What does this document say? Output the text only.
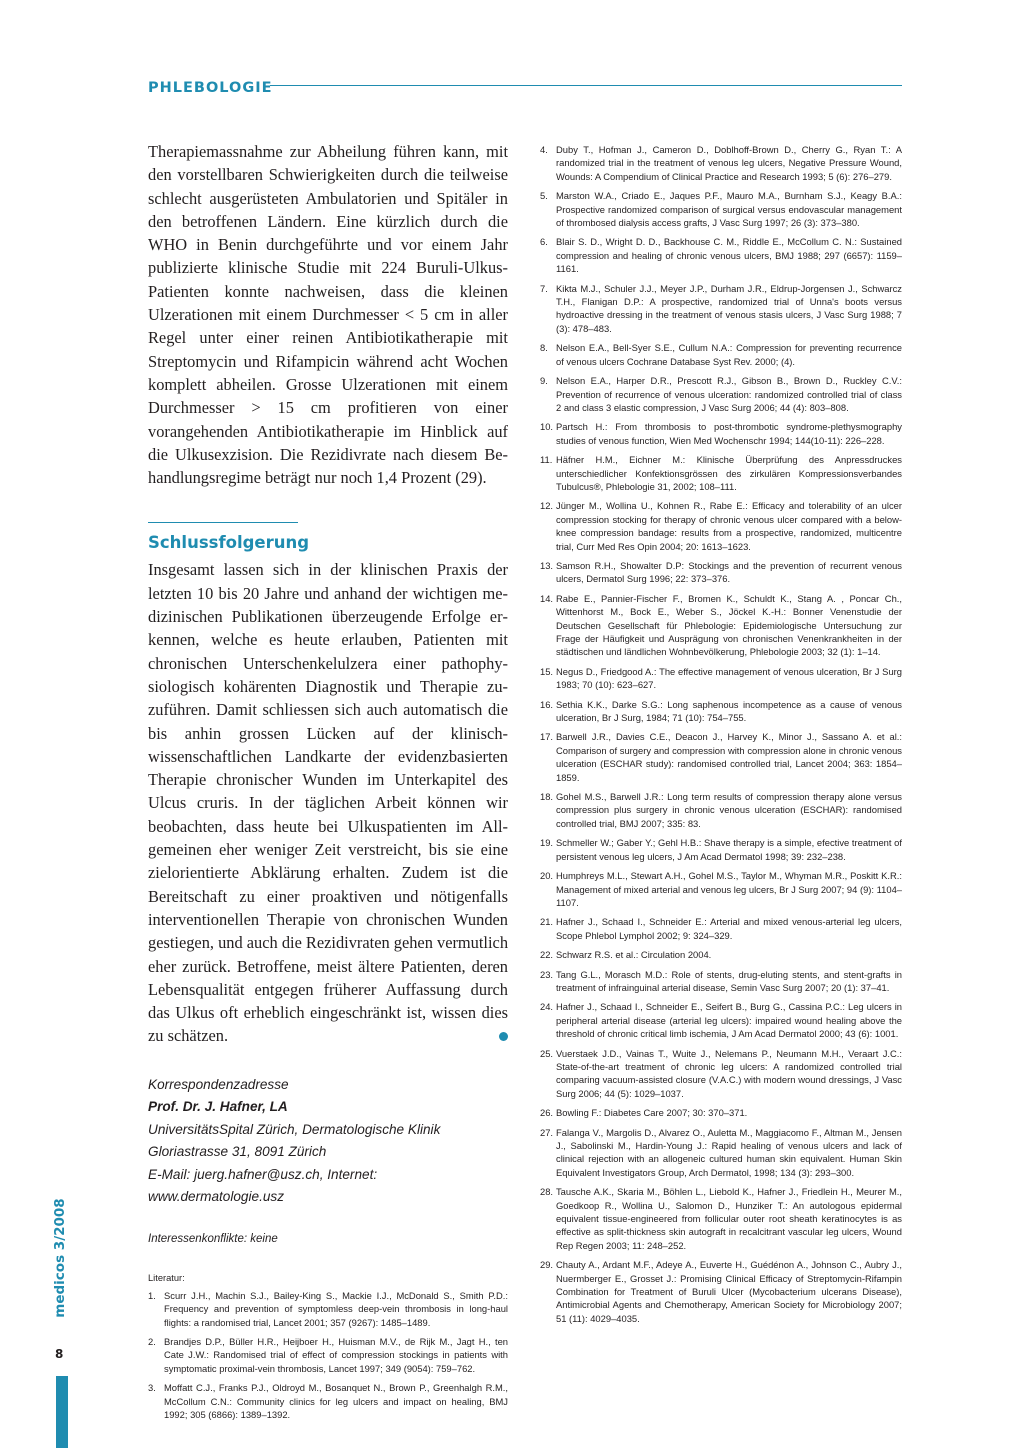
PHLEBOLOGIE

Therapiemassnahme zur Abheilung führen kann, mit den vorstellbaren Schwierigkeiten durch die teilweise schlecht ausgerüsteten Ambulatorien und Spitäler in den betroffenen Ländern. Eine kürzlich durch die WHO in Benin durchgeführte und vor einem Jahr publizierte klinische Studie mit 224 Buruli-Ulkus-Patienten konnte nachweisen, dass die kleinen Ulzerationen mit einem Durchmesser < 5 cm in aller Regel unter einer reinen Antibiotikatherapie mit Streptomycin und Rifampicin während acht Wochen komplett abheilen. Grosse Ulzerationen mit einem Durchmesser > 15 cm profitieren von einer vorangehenden Antibiotikatherapie im Hinblick auf die Ulkusexzision. Die Rezidivrate nach diesem Behandlungsregime beträgt nur noch 1,4 Prozent (29).

Schlussfolgerung

Insgesamt lassen sich in der klinischen Praxis der letzten 10 bis 20 Jahre und anhand der wichtigen medizinischen Publikationen überzeugende Erfolge erkennen, welche es heute erlauben, Patienten mit chronischen Unterschenkelulzera einer pathophysiologisch kohärenten Diagnostik und Therapie zuzuführen. Damit schliessen sich auch automatisch die bis anhin grossen Lücken auf der klinisch-wissenschaftlichen Landkarte der evidenzbasierten Therapie chronischer Wunden im Unterkapitel des Ulcus cruris. In der täglichen Arbeit können wir beobachten, dass heute bei Ulkuspatienten im Allgemeinen eher weniger Zeit verstreicht, bis sie eine zielorientierte Abklärung erhalten. Zudem ist die Bereitschaft zu einer proaktiven und nötigenfalls interventionellen Therapie von chronischen Wunden gestiegen, und auch die Rezidivraten gehen vermutlich eher zurück. Betroffene, meist ältere Patienten, deren Lebensqualität entgegen früherer Auffassung durch das Ulkus oft erheblich eingeschränkt ist, wissen dies zu schätzen.

Korrespondenzadresse
Prof. Dr. J. Hafner, LA
UniversitätsSpital Zürich, Dermatologische Klinik
Gloriastrasse 31, 8091 Zürich
E-Mail: juerg.hafner@usz.ch, Internet: www.dermatologie.usz
Interessenkonflikte: keine
Literatur:
1. Scurr J.H., Machin S.J., Bailey-King S., Mackie I.J., McDonald S., Smith P.D.: Frequency and prevention of symptomless deep-vein thrombosis in long-haul flights: a randomised trial, Lancet 2001; 357 (9267): 1485–1489.
2. Brandjes D.P., Büller H.R., Heijboer H., Huisman M.V., de Rijk M., Jagt H., ten Cate J.W.: Randomised trial of effect of compression stockings in patients with symptomatic proximal-vein thrombosis, Lancet 1997; 349 (9054): 759–762.
3. Moffatt C.J., Franks P.J., Oldroyd M., Bosanquet N., Brown P., Greenhalgh R.M., McCollum C.N.: Community clinics for leg ulcers and impact on healing, BMJ 1992; 305 (6866): 1389–1392.
4. Duby T., Hofman J., Cameron D., Doblhoff-Brown D., Cherry G., Ryan T.: A randomized trial in the treatment of venous leg ulcers, Negative Pressure Wound, Wounds: A Compendium of Clinical Practice and Research 1993; 5 (6): 276–279.
5. Marston W.A., Criado E., Jaques P.F., Mauro M.A., Burnham S.J., Keagy B.A.: Prospective randomized comparison of surgical versus endovascular management of thrombosed dialysis access grafts, J Vasc Surg 1997; 26 (3): 373–380.
6. Blair S. D., Wright D. D., Backhouse C. M., Riddle E., McCollum C. N.: Sustained compression and healing of chronic venous ulcers, BMJ 1988; 297 (6657): 1159–1161.
7. Kikta M.J., Schuler J.J., Meyer J.P., Durham J.R., Eldrup-Jorgensen J., Schwarcz T.H., Flanigan D.P.: A prospective, randomized trial of Unna's boots versus hydroactive dressing in the treatment of venous stasis ulcers, J Vasc Surg 1988; 7 (3): 478–483.
8. Nelson E.A., Bell-Syer S.E., Cullum N.A.: Compression for preventing recurrence of venous ulcers Cochrane Database Syst Rev. 2000; (4).
9. Nelson E.A., Harper D.R., Prescott R.J., Gibson B., Brown D., Ruckley C.V.: Prevention of recurrence of venous ulceration: randomized controlled trial of class 2 and class 3 elastic compression, J Vasc Surg 2006; 44 (4): 803–808.
10. Partsch H.: From thrombosis to post-thrombotic syndrome-plethysmography studies of venous function, Wien Med Wochenschr 1994; 144(10-11): 226–228.
11. Häfner H.M., Eichner M.: Klinische Überprüfung des Anpressdruckes unterschiedlicher Konfektionsgrössen des zirkulären Kompressionsverbandes Tubulcus®, Phlebologie 31, 2002; 108–111.
12. Jünger M., Wollina U., Kohnen R., Rabe E.: Efficacy and tolerability of an ulcer compression stocking for therapy of chronic venous ulcer compared with a below-knee compression bandage: results from a prospective, randomized, multicentre trial, Curr Med Res Opin 2004; 20: 1613–1623.
13. Samson R.H., Showalter D.P: Stockings and the prevention of recurrent venous ulcers, Dermatol Surg 1996; 22: 373–376.
14. Rabe E., Pannier-Fischer F., Bromen K., Schuldt K., Stang A. , Poncar Ch., Wittenhorst M., Bock E., Weber S., Jöckel K.-H.: Bonner Venenstudie der Deutschen Gesellschaft für Phlebologie: Epidemiologische Untersuchung zur Frage der Häufigkeit und Ausprägung von chronischen Venenkrankheiten in der städtischen und ländlichen Wohnbevölkerung, Phlebologie 2003; 32 (1): 1–14.
15. Negus D., Friedgood A.: The effective management of venous ulceration, Br J Surg 1983; 70 (10): 623–627.
16. Sethia K.K., Darke S.G.: Long saphenous incompetence as a cause of venous ulceration, Br J Surg, 1984; 71 (10): 754–755.
17. Barwell J.R., Davies C.E., Deacon J., Harvey K., Minor J., Sassano A. et al.: Comparison of surgery and compression with compression alone in chronic venous ulceration (ESCHAR study): randomised controlled trial, Lancet 2004; 363: 1854–1859.
18. Gohel M.S., Barwell J.R.: Long term results of compression therapy alone versus compression plus surgery in chronic venous ulceration (ESCHAR): randomised controlled trial, BMJ 2007; 335: 83.
19. Schmeller W.; Gaber Y.; Gehl H.B.: Shave therapy is a simple, efective treatment of persistent venous leg ulcers, J Am Acad Dermatol 1998; 39: 232–238.
20. Humphreys M.L., Stewart A.H., Gohel M.S., Taylor M., Whyman M.R., Poskitt K.R.: Management of mixed arterial and venous leg ulcers, Br J Surg 2007; 94 (9): 1104–1107.
21. Hafner J., Schaad I., Schneider E.: Arterial and mixed venous-arterial leg ulcers, Scope Phlebol Lymphol 2002; 9: 324–329.
22. Schwarz R.S. et al.: Circulation 2004.
23. Tang G.L., Morasch M.D.: Role of stents, drug-eluting stents, and stent-grafts in treatment of infrainguinal arterial disease, Semin Vasc Surg 2007; 20 (1): 37–41.
24. Hafner J., Schaad I., Schneider E., Seifert B., Burg G., Cassina P.C.: Leg ulcers in peripheral arterial disease (arterial leg ulcers): impaired wound healing above the threshold of chronic critical limb ischemia, J Am Acad Dermatol 2000; 43 (6): 1001.
25. Vuerstaek J.D., Vainas T., Wuite J., Nelemans P., Neumann M.H., Veraart J.C.: State-of-the-art treatment of chronic leg ulcers: A randomized controlled trial comparing vacuum-assisted closure (V.A.C.) with modern wound dressings, J Vasc Surg 2006; 44 (5): 1029–1037.
26. Bowling F.: Diabetes Care 2007; 30: 370–371.
27. Falanga V., Margolis D., Alvarez O., Auletta M., Maggiacomo F., Altman M., Jensen J., Sabolinski M., Hardin-Young J.: Rapid healing of venous ulcers and lack of clinical rejection with an allogeneic cultured human skin equivalent. Human Skin Equivalent Investigators Group, Arch Dermatol, 1998; 134 (3): 293–300.
28. Tausche A.K., Skaria M., Böhlen L., Liebold K., Hafner J., Friedlein H., Meurer M., Goedkoop R., Wollina U., Salomon D., Hunziker T.: An autologous epidermal equivalent tissue-engineered from follicular outer root sheath keratinocytes is as effective as split-thickness skin autograft in recalcitrant vascular leg ulcers, Wound Rep Regen 2003; 11: 248–252.
29. Chauty A., Ardant M.F., Adeye A., Euverte H., Guédénon A., Johnson C., Aubry J., Nuermberger E., Grosset J.: Promising Clinical Efficacy of Streptomycin-Rifampin Combination for Treatment of Buruli Ulcer (Mycobacterium ulcerans Disease), Antimicrobial Agents and Chemotherapy, American Society for Microbiology 2007; 51 (11): 4029–4035.
medicos 3/2008
8
